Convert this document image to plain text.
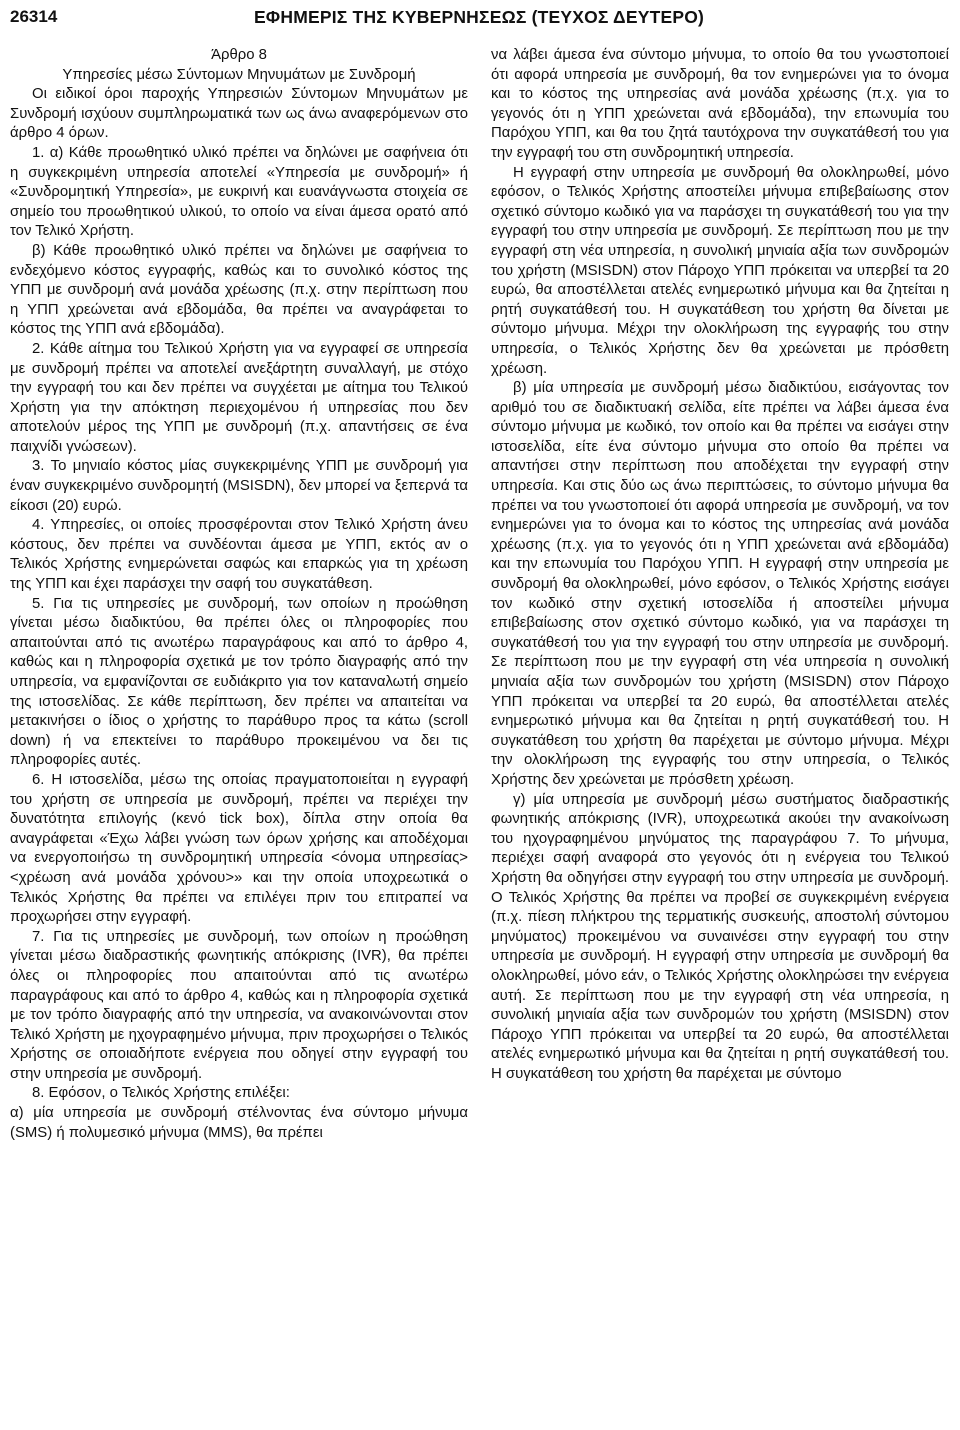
26314	ΕΦΗΜΕΡΙΣ ΤΗΣ ΚΥΒΕΡΝΗΣΕΩΣ (ΤΕΥΧΟΣ ΔΕΥΤΕΡΟ)

Άρθρο 8

Υπηρεσίες μέσω Σύντομων Μηνυμάτων με Συνδρομή

Οι ειδικοί όροι παροχής Υπηρεσιών Σύντομων Μηνυμάτων με Συνδρομή ισχύουν συμπληρωματικά των ως άνω αναφερόμενων στο άρθρο 4 όρων.

1. α) Κάθε προωθητικό υλικό πρέπει να δηλώνει με σαφήνεια ότι η συγκεκριμένη υπηρεσία αποτελεί «Υπηρεσία με συνδρομή» ή «Συνδρομητική Υπηρεσία», με ευκρινή και ευανάγνωστα στοιχεία σε σημείο του προωθητικού υλικού, το οποίο να είναι άμεσα ορατό από τον Τελικό Χρήστη.

β) Κάθε προωθητικό υλικό πρέπει να δηλώνει με σαφήνεια το ενδεχόμενο κόστος εγγραφής, καθώς και το συνολικό κόστος της ΥΠΠ με συνδρομή ανά μονάδα χρέωσης (π.χ. στην περίπτωση που η ΥΠΠ χρεώνεται ανά εβδομάδα, θα πρέπει να αναγράφεται το κόστος της ΥΠΠ ανά εβδομάδα).

2. Κάθε αίτημα του Τελικού Χρήστη για να εγγραφεί σε υπηρεσία με συνδρομή πρέπει να αποτελεί ανεξάρτητη συναλλαγή, με στόχο την εγγραφή του και δεν πρέπει να συγχέεται με αίτημα του Τελικού Χρήστη για την απόκτηση περιεχομένου ή υπηρεσίας που δεν αποτελούν μέρος της ΥΠΠ με συνδρομή (π.χ. απαντήσεις σε ένα παιχνίδι γνώσεων).

3. Το μηνιαίο κόστος μίας συγκεκριμένης ΥΠΠ με συνδρομή για έναν συγκεκριμένο συνδρομητή (MSISDN), δεν μπορεί να ξεπερνά τα είκοσι (20) ευρώ.

4. Υπηρεσίες, οι οποίες προσφέρονται στον Τελικό Χρήστη άνευ κόστους, δεν πρέπει να συνδέονται άμεσα με ΥΠΠ, εκτός αν ο Τελικός Χρήστης ενημερώνεται σαφώς και επαρκώς για τη χρέωση της ΥΠΠ και έχει παράσχει την σαφή του συγκατάθεση.

5. Για τις υπηρεσίες με συνδρομή, των οποίων η προώθηση γίνεται μέσω διαδικτύου, θα πρέπει όλες οι πληροφορίες που απαιτούνται από τις ανωτέρω παραγράφους και από το άρθρο 4, καθώς και η πληροφορία σχετικά με τον τρόπο διαγραφής από την υπηρεσία, να εμφανίζονται σε ευδιάκριτο για τον καταναλωτή σημείο της ιστοσελίδας. Σε κάθε περίπτωση, δεν πρέπει να απαιτείται να μετακινήσει ο ίδιος ο χρήστης το παράθυρο προς τα κάτω (scroll down) ή να επεκτείνει το παράθυρο προκειμένου να δει τις πληροφορίες αυτές.

6. Η ιστοσελίδα, μέσω της οποίας πραγματοποιείται η εγγραφή του χρήστη σε υπηρεσία με συνδρομή, πρέπει να περιέχει την δυνατότητα επιλογής (κενό tick box), δίπλα στην οποία θα αναγράφεται «Έχω λάβει γνώση των όρων χρήσης και αποδέχομαι να ενεργοποιήσω τη συνδρομητική υπηρεσία <όνομα υπηρεσίας> <χρέωση ανά μονάδα χρόνου>» και την οποία υποχρεωτικά ο Τελικός Χρήστης θα πρέπει να επιλέγει πριν του επιτραπεί να προχωρήσει στην εγγραφή.

7. Για τις υπηρεσίες με συνδρομή, των οποίων η προώθηση γίνεται μέσω διαδραστικής φωνητικής απόκρισης (IVR), θα πρέπει όλες οι πληροφορίες που απαιτούνται από τις ανωτέρω παραγράφους και από το άρθρο 4, καθώς και η πληροφορία σχετικά με τον τρόπο διαγραφής από την υπηρεσία, να ανακοινώνονται στον Τελικό Χρήστη με ηχογραφημένο μήνυμα, πριν προχωρήσει ο Τελικός Χρήστης σε οποιαδήποτε ενέργεια που οδηγεί στην εγγραφή του στην υπηρεσία με συνδρομή.

8. Εφόσον, ο Τελικός Χρήστης επιλέξει:

α) μία υπηρεσία με συνδρομή στέλνοντας ένα σύντομο μήνυμα (SMS) ή πολυμεσικό μήνυμα (MMS), θα πρέπει

να λάβει άμεσα ένα σύντομο μήνυμα, το οποίο θα του γνωστοποιεί ότι αφορά υπηρεσία με συνδρομή, θα τον ενημερώνει για το όνομα και το κόστος της υπηρεσίας ανά μονάδα χρέωσης (π.χ. για το γεγονός ότι η ΥΠΠ χρεώνεται ανά εβδομάδα), την επωνυμία του Παρόχου ΥΠΠ, και θα του ζητά ταυτόχρονα την συγκατάθεσή του για την εγγραφή του στη συνδρομητική υπηρεσία.

Η εγγραφή στην υπηρεσία με συνδρομή θα ολοκληρωθεί, μόνο εφόσον, ο Τελικός Χρήστης αποστείλει μήνυμα επιβεβαίωσης στον σχετικό σύντομο κωδικό για να παράσχει τη συγκατάθεσή του για την εγγραφή του στην υπηρεσία με συνδρομή. Σε περίπτωση που με την εγγραφή στη νέα υπηρεσία, η συνολική μηνιαία αξία των συνδρομών του χρήστη (MSISDN) στον Πάροχο ΥΠΠ πρόκειται να υπερβεί τα 20 ευρώ, θα αποστέλλεται ατελές ενημερωτικό μήνυμα και θα ζητείται η ρητή συγκατάθεσή του. Η συγκατάθεση του χρήστη θα δίνεται με σύντομο μήνυμα. Μέχρι την ολοκλήρωση της εγγραφής του στην υπηρεσία, ο Τελικός Χρήστης δεν θα χρεώνεται με πρόσθετη χρέωση.

β) μία υπηρεσία με συνδρομή μέσω διαδικτύου, εισάγοντας τον αριθμό του σε διαδικτυακή σελίδα, είτε πρέπει να λάβει άμεσα ένα σύντομο μήνυμα με κωδικό, τον οποίο και θα πρέπει να εισάγει στην ιστοσελίδα, είτε ένα σύντομο μήνυμα στο οποίο θα πρέπει να απαντήσει στην περίπτωση που αποδέχεται την εγγραφή στην υπηρεσία. Και στις δύο ως άνω περιπτώσεις, το σύντομο μήνυμα θα πρέπει να του γνωστοποιεί ότι αφορά υπηρεσία με συνδρομή, να τον ενημερώνει για το όνομα και το κόστος της υπηρεσίας ανά μονάδα χρέωσης (π.χ. για το γεγονός ότι η ΥΠΠ χρεώνεται ανά εβδομάδα) και την επωνυμία του Παρόχου ΥΠΠ. Η εγγραφή στην υπηρεσία με συνδρομή θα ολοκληρωθεί, μόνο εφόσον, ο Τελικός Χρήστης εισάγει τον κωδικό στην σχετική ιστοσελίδα ή αποστείλει μήνυμα επιβεβαίωσης στον σχετικό σύντομο κωδικό, για να παράσχει τη συγκατάθεσή του για την εγγραφή του στην υπηρεσία με συνδρομή. Σε περίπτωση που με την εγγραφή στη νέα υπηρεσία η συνολική μηνιαία αξία των συνδρομών του χρήστη (MSISDN) στον Πάροχο ΥΠΠ πρόκειται να υπερβεί τα 20 ευρώ, θα αποστέλλεται ατελές ενημερωτικό μήνυμα και θα ζητείται η ρητή συγκατάθεσή του. Η συγκατάθεση του χρήστη θα παρέχεται με σύντομο μήνυμα. Μέχρι την ολοκλήρωση της εγγραφής του στην υπηρεσία, ο Τελικός Χρήστης δεν χρεώνεται με πρόσθετη χρέωση.

γ) μία υπηρεσία με συνδρομή μέσω συστήματος διαδραστικής φωνητικής απόκρισης (IVR), υποχρεωτικά ακούει την ανακοίνωση του ηχογραφημένου μηνύματος της παραγράφου 7. Το μήνυμα, περιέχει σαφή αναφορά στο γεγονός ότι η ενέργεια του Τελικού Χρήστη θα οδηγήσει στην εγγραφή του στην υπηρεσία με συνδρομή. Ο Τελικός Χρήστης θα πρέπει να προβεί σε συγκεκριμένη ενέργεια (π.χ. πίεση πλήκτρου της τερματικής συσκευής, αποστολή σύντομου μηνύματος) προκειμένου να συναινέσει στην εγγραφή του στην υπηρεσία με συνδρομή. Η εγγραφή στην υπηρεσία με συνδρομή θα ολοκληρωθεί, μόνο εάν, ο Τελικός Χρήστης ολοκληρώσει την ενέργεια αυτή. Σε περίπτωση που με την εγγραφή στη νέα υπηρεσία, η συνολική μηνιαία αξία των συνδρομών του χρήστη (MSISDN) στον Πάροχο ΥΠΠ πρόκειται να υπερβεί τα 20 ευρώ, θα αποστέλλεται ατελές ενημερωτικό μήνυμα και θα ζητείται η ρητή συγκατάθεσή του. Η συγκατάθεση του χρήστη θα παρέχεται με σύντομο
